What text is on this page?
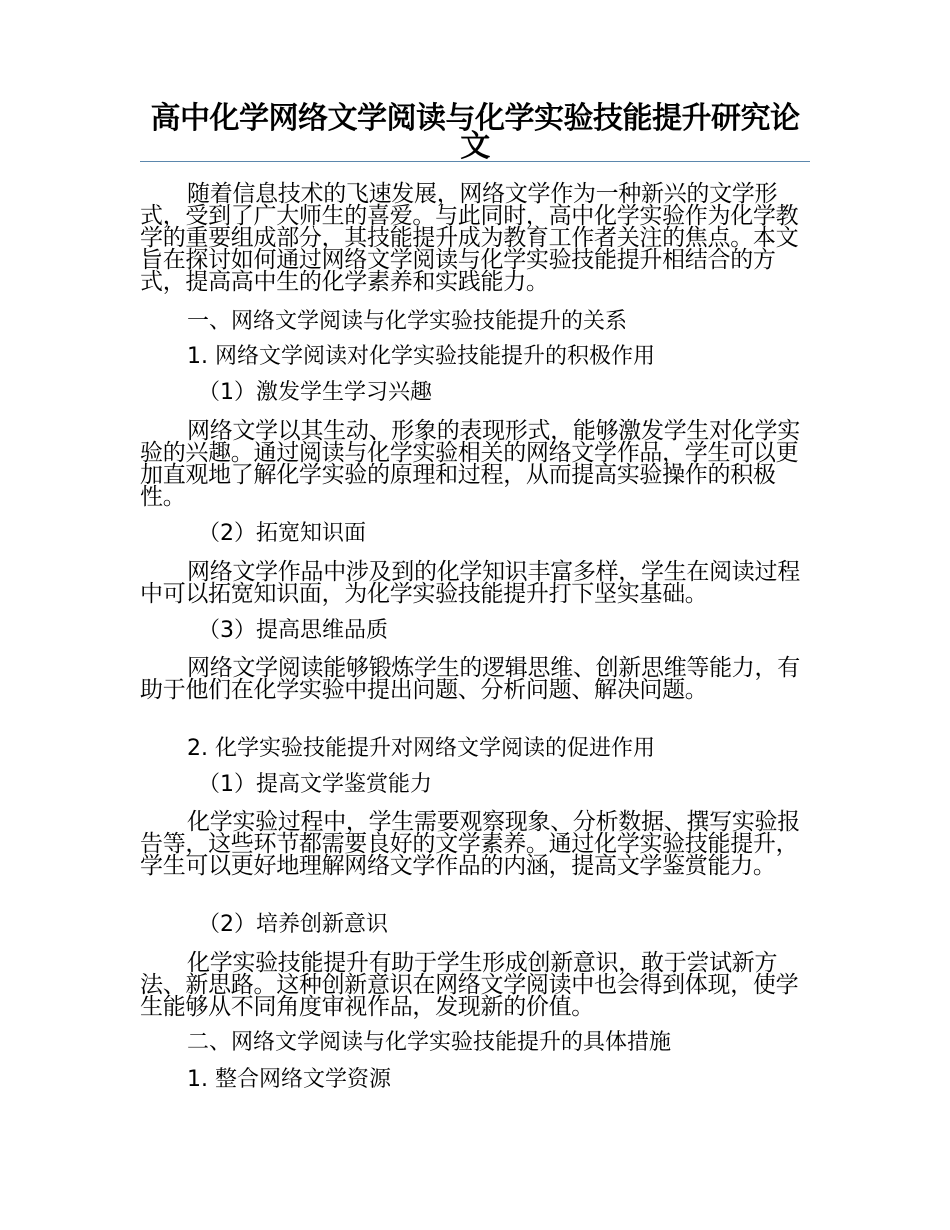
高中化学网络文学阅读与化学实验技能提升研究论文
随着信息技术的飞速发展，网络文学作为一种新兴的文学形式，受到了广大师生的喜爱。与此同时，高中化学实验作为化学教学的重要组成部分，其技能提升成为教育工作者关注的焦点。本文旨在探讨如何通过网络文学阅读与化学实验技能提升相结合的方式，提高高中生的化学素养和实践能力。
一、网络文学阅读与化学实验技能提升的关系
1. 网络文学阅读对化学实验技能提升的积极作用
（1）激发学生学习兴趣
网络文学以其生动、形象的表现形式，能够激发学生对化学实验的兴趣。通过阅读与化学实验相关的网络文学作品，学生可以更加直观地了解化学实验的原理和过程，从而提高实验操作的积极性。
（2）拓宽知识面
网络文学作品中涉及到的化学知识丰富多样，学生在阅读过程中可以拓宽知识面，为化学实验技能提升打下坚实基础。
（3）提高思维品质
网络文学阅读能够锻炼学生的逻辑思维、创新思维等能力，有助于他们在化学实验中提出问题、分析问题、解决问题。
2. 化学实验技能提升对网络文学阅读的促进作用
（1）提高文学鉴赏能力
化学实验过程中，学生需要观察现象、分析数据、撰写实验报告等，这些环节都需要良好的文学素养。通过化学实验技能提升，学生可以更好地理解网络文学作品的内涵，提高文学鉴赏能力。
（2）培养创新意识
化学实验技能提升有助于学生形成创新意识，敢于尝试新方法、新思路。这种创新意识在网络文学阅读中也会得到体现，使学生能够从不同角度审视作品，发现新的价值。
二、网络文学阅读与化学实验技能提升的具体措施
1. 整合网络文学资源
